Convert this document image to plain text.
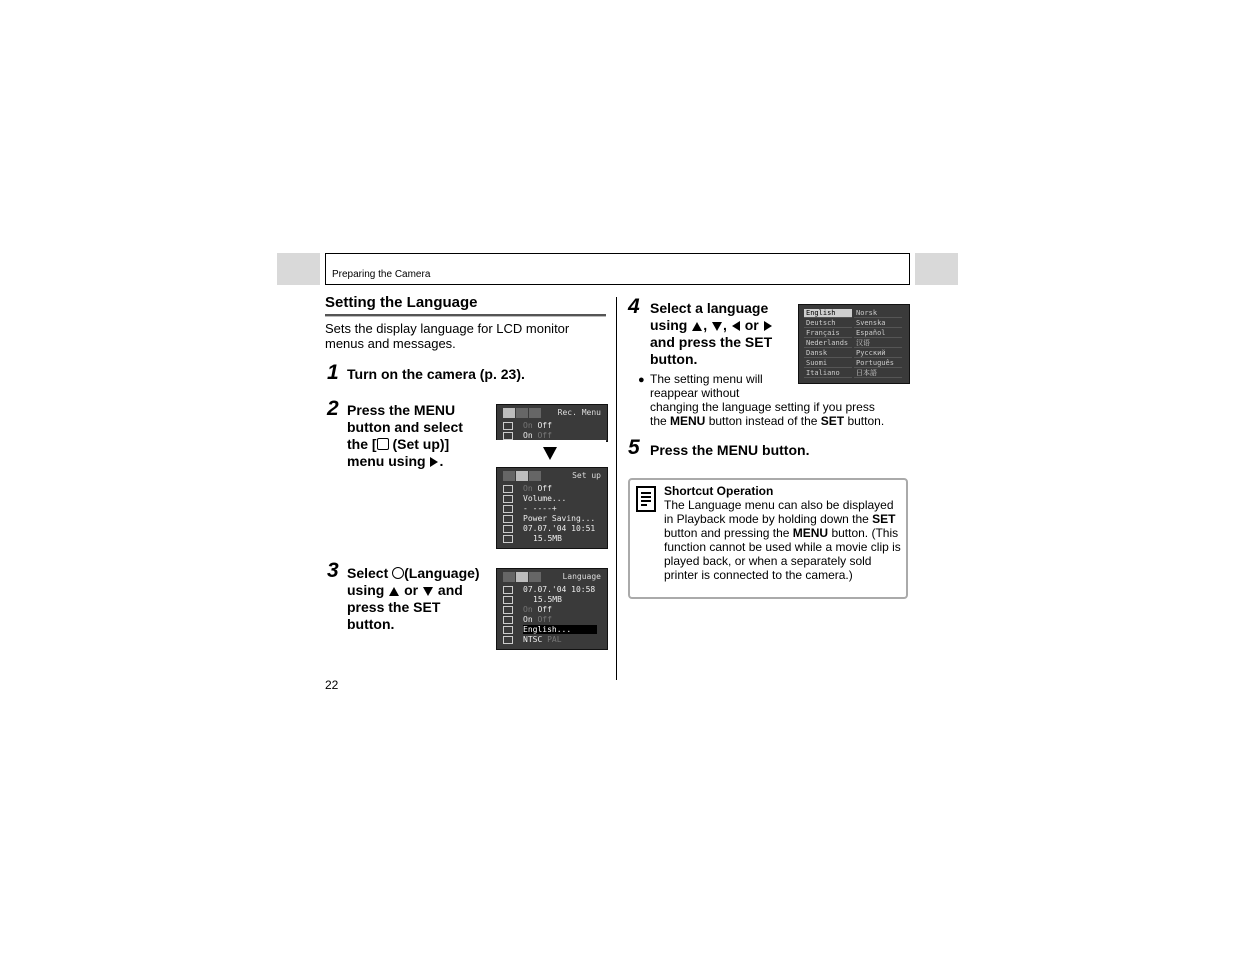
Preparing the Camera
Setting the Language
Sets the display language for LCD monitor menus and messages.
1 Turn on the camera (p. 23).
2 Press the MENU
button and select
the [ (Set up)]
menu using .
Rec. Menu
On Off
On Off
Set up
On Off
Volume...
- ----+
Power Saving...
07.07.'04 10:51
15.5MB
3 Select (Language)
using or and
press the SET
button.
Language
07.07.'04 10:58
15.5MB
On Off
On Off
English...
NTSC PAL
4 Select a language
using , ,  or
and press the SET
button.
English	Norsk
Deutsch	Svenska
Français	Español
Nederlands	汉语
Dansk	Русский
Suomi	Português
Italiano	日本語
● The setting menu will
reappear without
changing the language setting if you press
the MENU button instead of the SET button.
5 Press the MENU button.
Shortcut Operation
The Language menu can also be displayed in Playback mode by holding down the SET button and pressing the MENU button. (This function cannot be used while a movie clip is played back, or when a separately sold printer is connected to the camera.)
22
